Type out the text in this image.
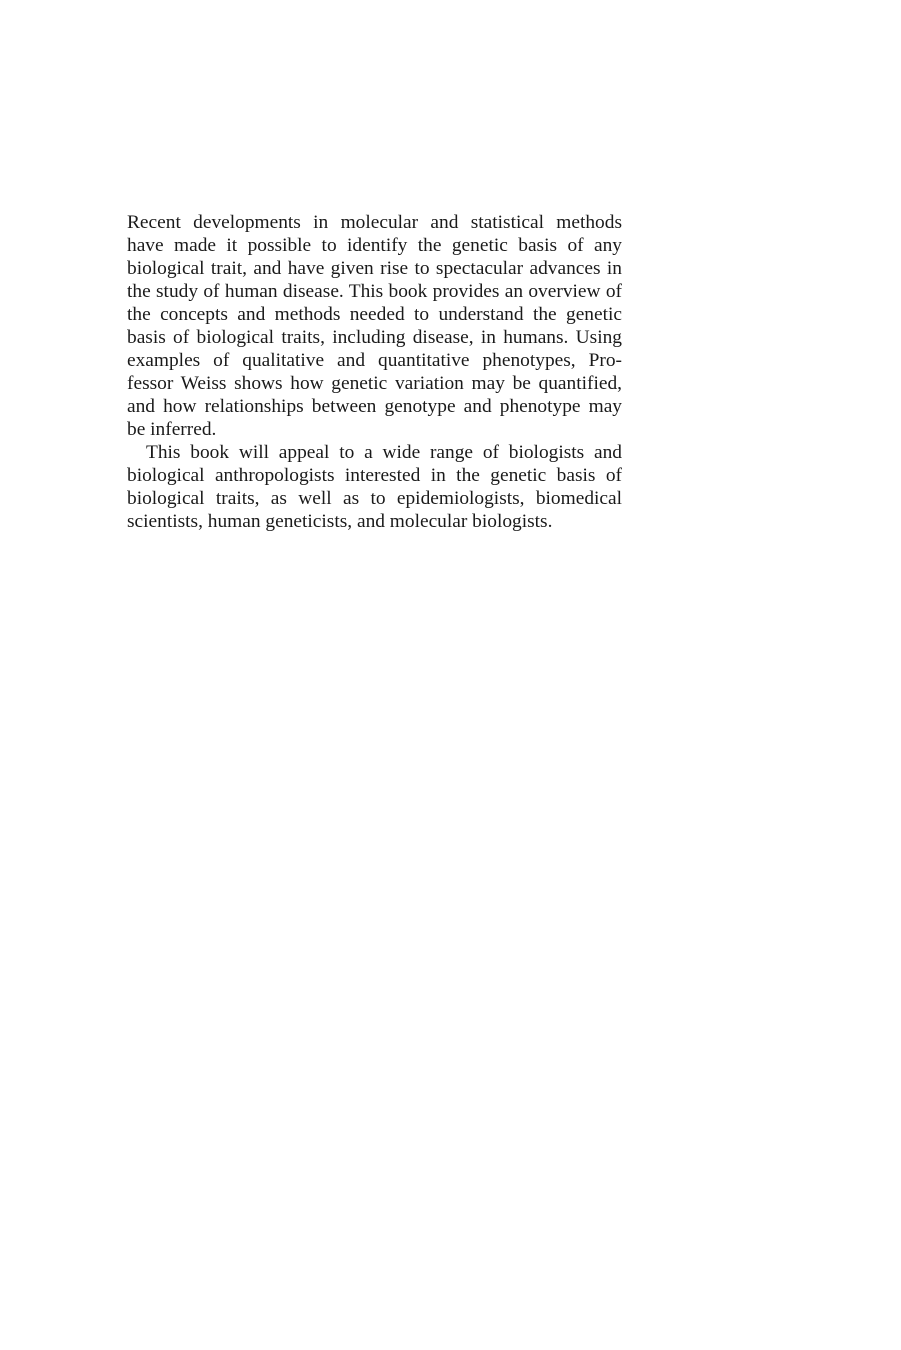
Recent developments in molecular and statistical methods
have made it possible to identify the genetic basis of any
biological trait, and have given rise to spectacular advances in
the study of human disease. This book provides an overview of
the concepts and methods needed to understand the genetic
basis of biological traits, including disease, in humans. Using
examples of qualitative and quantitative phenotypes, Pro-
fessor Weiss shows how genetic variation may be quantified,
and how relationships between genotype and phenotype may
be inferred.
This book will appeal to a wide range of biologists and
biological anthropologists interested in the genetic basis of
biological traits, as well as to epidemiologists, biomedical
scientists, human geneticists, and molecular biologists.
